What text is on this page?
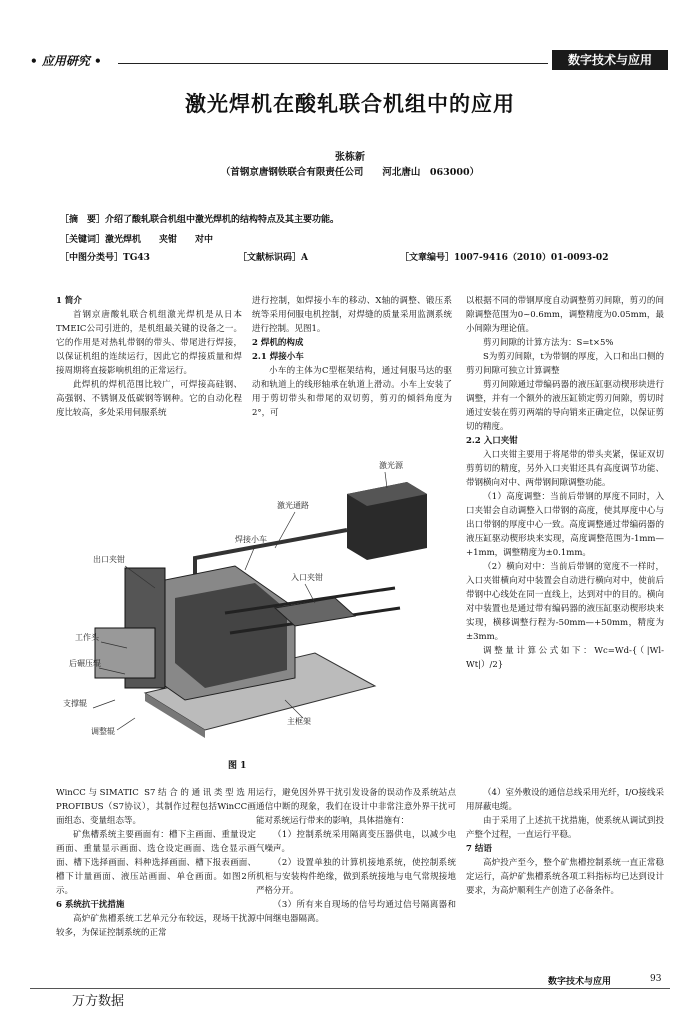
• 应用研究 •	数字技术与应用
激光焊机在酸轧联合机组中的应用
张栋新
（首钢京唐钢铁联合有限责任公司　　河北唐山　063000）
［摘　要］介绍了酸轧联合机组中激光焊机的结构特点及其主要功能。
［关键词］激光焊机　　夹钳　　对中
［中图分类号］TG43	［文献标识码］A	［文章编号］1007-9416（2010）01-0093-02
1 简介

首钢京唐酸轧联合机组激光焊机是从日本TMEIC公司引进的，是机组最关键的设备之一。它的作用是对热轧带钢的带头、带尾进行焊接，以保证机组的连续运行，因此它的焊接质量和焊接周期将直接影响机组的正常运行。

此焊机的焊机范围比较广，可焊接高硅钢、高强钢、不锈钢及低碳钢等钢种。它的自动化程度比较高，多处采用伺服系统

进行控制，如焊接小车的移动、X轴的调整、锻压系统等采用伺服电机控制，对焊缝的质量采用监测系统进行控制。见图1。

2 焊机的构成
2.1 焊接小车

小车的主体为C型框架结构，通过伺服马达的驱动和轨道上的线形轴承在轨道上滑动。小车上安装了用于剪切带头和带尾的双切剪，剪刃的倾斜角度为2°，可

以根据不同的带钢厚度自动调整剪刃间隙，剪刃的间隙调整范围为0~0.6mm，调整精度为0.05mm，最小间隙为理论值。

剪刃间隙的计算方法为：S=t×5%

S为剪刃间隙，t为带钢的厚度，入口和出口侧的剪刃间隙可独立计算调整

剪刃间隙通过带编码器的液压缸驱动楔形块进行调整，并有一个额外的液压缸锁定剪刃间隙，剪切时通过安装在剪刃两端的导向销来正确定位，以保证剪切的精度。

2.2 入口夹钳

入口夹钳主要用于将尾带的带头夹紧，保证双切剪剪切的精度，另外入口夹钳还具有高度调节功能、带钢横向对中、两带钢间隙调整功能。

（1）高度调整：当前后带钢的厚度不同时，入口夹钳会自动调整入口带钢的高度，使其厚度中心与出口带钢的厚度中心一致。高度调整通过带编码器的液压缸驱动楔形块来实现，高度调整范围为-1mm—+1mm，调整精度为±0.1mm。

（2）横向对中：当前后带钢的宽度不一样时，入口夹钳横向对中装置会自动进行横向对中，使前后带钢中心线处在同一直线上，达到对中的目的。横向对中装置也是通过带有编码器的液压缸驱动楔形块来实现，横移调整行程为-50mm—+50mm，精度为±3mm。

调整量计算公式如下：Wc=Wd-{（|Wl-Wt|）/2}

激光源
激光通路
焊接小车
出口夹钳
入口夹钳
工作头
后碾压辊
支撑辊
调整辊
主框架
图 1

WinCC与SIMATIC S7结合的通讯类型选用PROFIBUS（S7协议），其制作过程包括WinCC画面组态、变量组态等。

矿焦槽系统主要画面有：槽下主画面、重量设定画面、重量显示画面、选仓设定画面、选仓显示画面、槽下选择画面、料种选择画面、槽下报表画面、槽下计量画面、液压站画面、单仓画面。如图2所示。

6 系统抗干扰措施

高炉矿焦槽系统工艺单元分布较远，现场干扰源较多，为保证控制系统的正常

运行，避免因外界干扰引发设备的误动作及系统站点通信中断的现象，我们在设计中非常注意外界干扰可能对系统运行带来的影响，具体措施有：

（1）控制系统采用隔离变压器供电，以减少电气噪声。

（2）设置单独的计算机接地系统，使控制系统机柜与安装构件绝缘，做到系统接地与电气常规接地严格分开。

（3）所有来自现场的信号均通过信号隔离器和中间继电器隔离。

（4）室外敷设的通信总线采用光纤，I/O接线采用屏蔽电缆。

由于采用了上述抗干扰措施，使系统从调试到投产整个过程，一直运行平稳。

7 结语

高炉投产至今，整个矿焦槽控制系统一直正常稳定运行，高炉矿焦槽系统各项工料指标均已达到设计要求，为高炉顺利生产创造了必备条件。

数字技术与应用	93
万方数据
